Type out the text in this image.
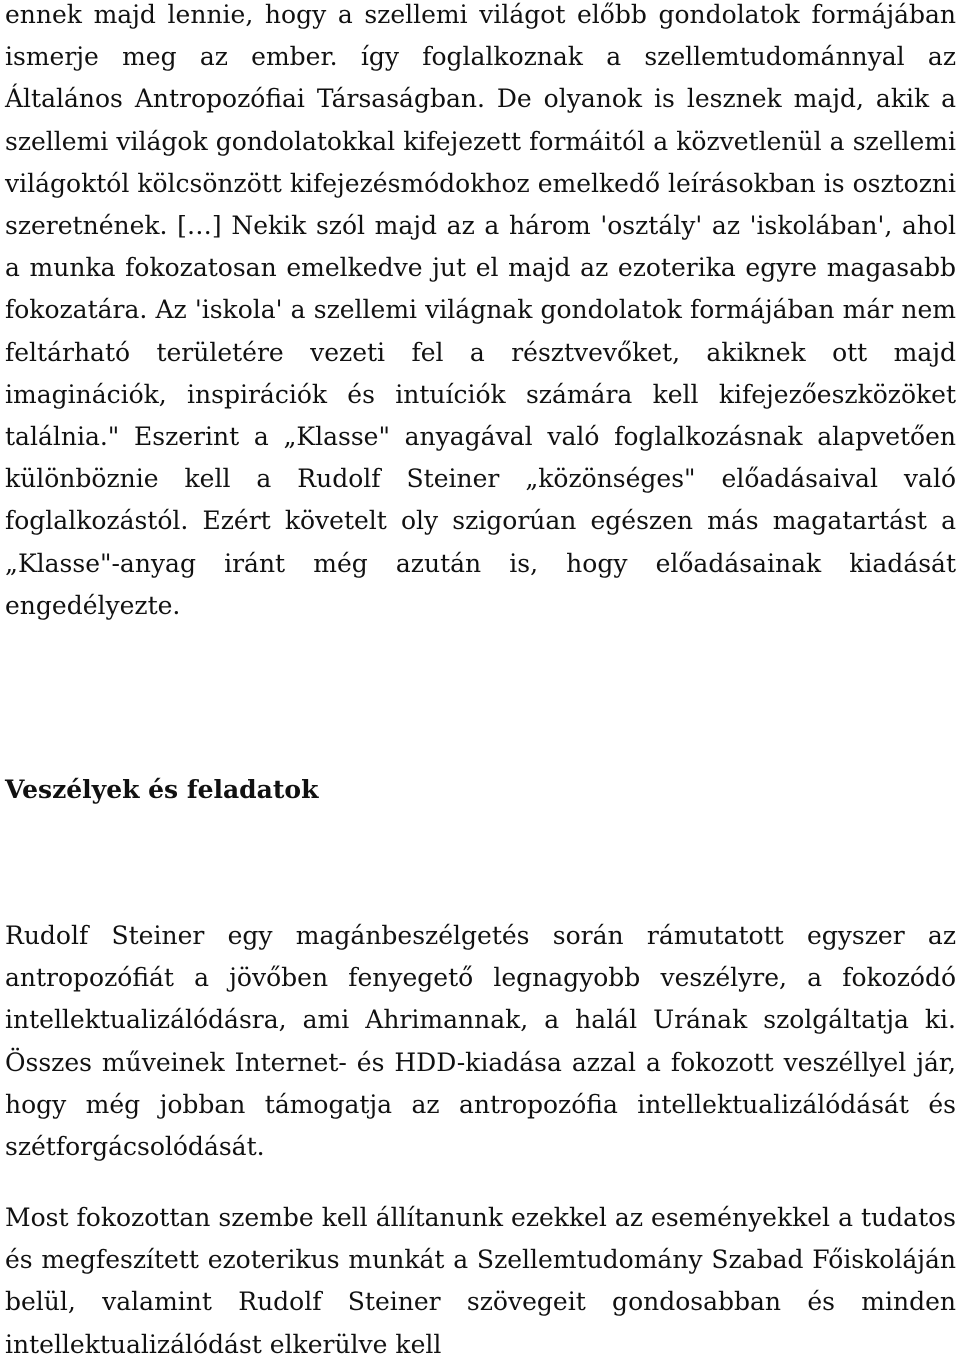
ennek majd lennie, hogy a szellemi világot előbb gondolatok formájában ismerje meg az ember. így foglalkoznak a szellemtudománnyal az Általános Antropozófiai Társaságban. De olyanok is lesznek majd, akik a szellemi világok gondolatokkal kifejezett formáitól a közvetlenül a szellemi világoktól kölcsönzött kifejezésmódokhoz emelkedő leírásokban is osztozni szeretnének. […] Nekik szól majd az a három 'osztály' az 'iskolában', ahol a munka fokozatosan emelkedve jut el majd az ezoterika egyre magasabb fokozatára. Az 'iskola' a szellemi világnak gondolatok formájában már nem feltárható területére vezeti fel a résztvevőket, akiknek ott majd imaginációk, inspirációk és intuíciók számára kell kifejezőeszközöket találnia." Eszerint a „Klasse" anyagával való foglalkozásnak alapvetően különböznie kell a Rudolf Steiner „közönséges" előadásaival való foglalkozástól. Ezért követelt oly szigorúan egészen más magatartást a „Klasse"-anyag iránt még azután is, hogy előadásainak kiadását engedélyezte.

Veszélyek és feladatok

Rudolf Steiner egy magánbeszélgetés során rámutatott egyszer az antropozófiát a jövőben fenyegető legnagyobb veszélyre, a fokozódó intellektualizálódásra, ami Ahrimannak, a halál Urának szolgáltatja ki. Összes műveinek Internet- és HDD-kiadása azzal a fokozott veszéllyel jár, hogy még jobban támogatja az antropozófia intellektualizálódását és szétforgácsolódását.

Most fokozottan szembe kell állítanunk ezekkel az eseményekkel a tudatos és megfeszített ezoterikus munkát a Szellemtudomány Szabad Főiskoláján belül, valamint Rudolf Steiner szövegeit gondosabban és minden intellektualizálódást elkerülve kell
